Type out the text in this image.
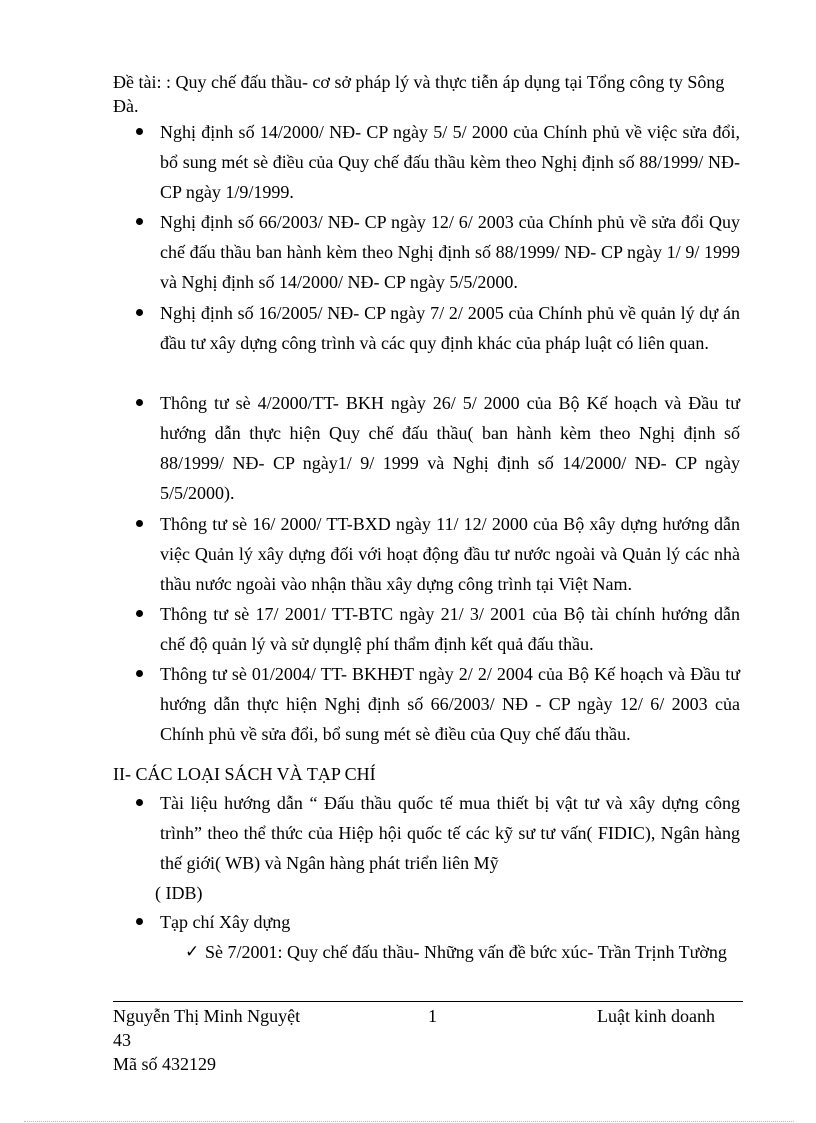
Đề tài: : Quy chế đấu thầu- cơ sở pháp lý và thực tiễn áp dụng tại Tổng công ty Sông Đà.
Nghị định số 14/2000/ NĐ- CP ngày 5/ 5/ 2000 của Chính phủ về việc sửa đổi, bổ sung mét sè điều của Quy chế đấu thầu kèm theo Nghị định số 88/1999/ NĐ- CP ngày 1/9/1999.
Nghị định số 66/2003/ NĐ- CP ngày 12/ 6/ 2003 của Chính phủ về sửa đổi Quy chế đấu thầu ban hành kèm theo Nghị định số 88/1999/ NĐ- CP ngày 1/ 9/ 1999 và Nghị định số 14/2000/ NĐ- CP ngày 5/5/2000.
Nghị định số 16/2005/ NĐ- CP ngày 7/ 2/ 2005 của Chính phủ về quản lý dự án đầu tư xây dựng công trình và các quy định khác của pháp luật có liên quan.
Thông tư sè 4/2000/TT- BKH ngày 26/ 5/ 2000 của Bộ Kế hoạch và Đầu tư hướng dẫn thực hiện Quy chế đấu thầu( ban hành kèm theo Nghị định số 88/1999/ NĐ- CP ngày1/ 9/ 1999 và Nghị định số 14/2000/ NĐ- CP ngày 5/5/2000).
Thông tư sè 16/ 2000/ TT-BXD ngày 11/ 12/ 2000 của Bộ xây dựng hướng dẫn việc Quản lý xây dựng đối với hoạt động đầu tư nước ngoài và Quản lý các nhà thầu nước ngoài vào nhận thầu xây dựng công trình tại Việt Nam.
Thông tư sè 17/ 2001/ TT-BTC ngày 21/ 3/ 2001 của Bộ tài chính hướng dẫn chế độ quản lý và sử dụnglệ phí thẩm định kết quả đấu thầu.
Thông tư sè 01/2004/ TT- BKHĐT ngày 2/ 2/ 2004 của Bộ Kế hoạch và Đầu tư hướng dẫn thực hiện Nghị định số 66/2003/ NĐ - CP ngày 12/ 6/ 2003 của Chính phủ về sửa đổi, bổ sung mét sè điều của Quy chế đấu thầu.
II- CÁC LOẠI SÁCH VÀ TẠP CHÍ
Tài liệu hướng dẫn “ Đấu thầu quốc tế mua thiết bị vật tư và xây dựng công trình” theo thể thức của Hiệp hội quốc tế các kỹ sư tư vấn( FIDIC), Ngân hàng thế giới( WB) và Ngân hàng phát triển liên Mỹ
Tạp chí Xây dựng
( IDB)
✓ Sè 7/2001: Quy chế đấu thầu- Những vấn đề bức xúc- Trần Trịnh Tường
Nguyễn Thị Minh Nguyệt	1	Luật kinh doanh
43
Mã số 432129
